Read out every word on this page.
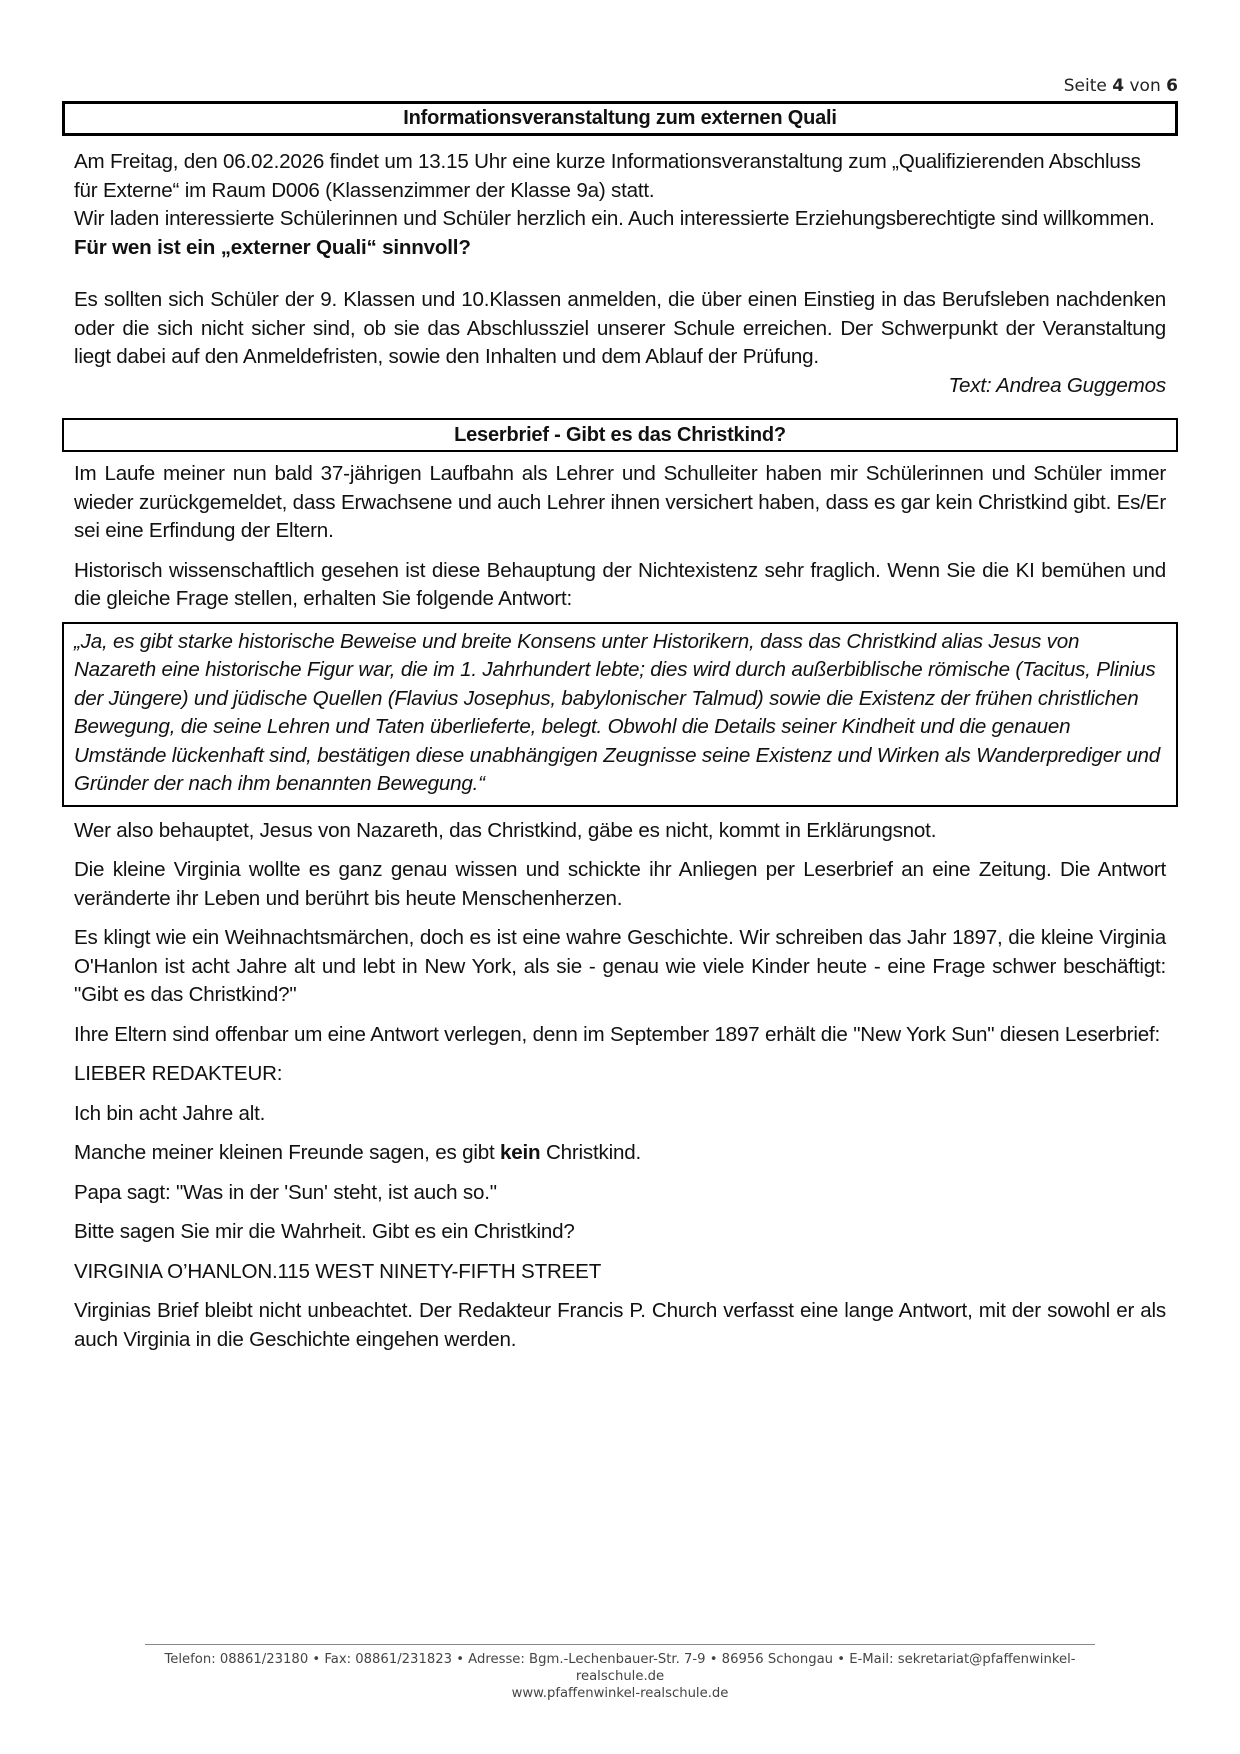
Seite 4 von 6
Informationsveranstaltung zum externen Quali

Am Freitag, den 06.02.2026 findet um 13.15 Uhr eine kurze Informationsveranstaltung zum „Qualifizierenden Abschluss für Externe“ im Raum D006 (Klassenzimmer der Klasse 9a) statt.

Wir laden interessierte Schülerinnen und Schüler herzlich ein. Auch interessierte Erziehungsberechtigte sind willkommen.

Für wen ist ein „externer Quali“ sinnvoll?

Es sollten sich Schüler der 9. Klassen und 10.Klassen anmelden, die über einen Einstieg in das Berufsleben nachdenken oder die sich nicht sicher sind, ob sie das Abschlussziel unserer Schule erreichen. Der Schwerpunkt der Veranstaltung liegt dabei auf den Anmeldefristen, sowie den Inhalten und dem Ablauf der Prüfung.

Text: Andrea Guggemos

Leserbrief - Gibt es das Christkind?

Im Laufe meiner nun bald 37-jährigen Laufbahn als Lehrer und Schulleiter haben mir Schülerinnen und Schüler immer wieder zurückgemeldet, dass Erwachsene und auch Lehrer ihnen versichert haben, dass es gar kein Christkind gibt. Es/Er sei eine Erfindung der Eltern.

Historisch wissenschaftlich gesehen ist diese Behauptung der Nichtexistenz sehr fraglich. Wenn Sie die KI bemühen und die gleiche Frage stellen, erhalten Sie folgende Antwort:

„Ja, es gibt starke historische Beweise und breite Konsens unter Historikern, dass das Christkind alias Jesus von Nazareth eine historische Figur war, die im 1. Jahrhundert lebte; dies wird durch außerbiblische römische (Tacitus, Plinius der Jüngere) und jüdische Quellen (Flavius Josephus, babylonischer Talmud) sowie die Existenz der frühen christlichen Bewegung, die seine Lehren und Taten überlieferte, belegt. Obwohl die Details seiner Kindheit und die genauen Umstände lückenhaft sind, bestätigen diese unabhängigen Zeugnisse seine Existenz und Wirken als Wanderprediger und Gründer der nach ihm benannten Bewegung.“

Wer also behauptet, Jesus von Nazareth, das Christkind, gäbe es nicht, kommt in Erklärungsnot.

Die kleine Virginia wollte es ganz genau wissen und schickte ihr Anliegen per Leserbrief an eine Zeitung. Die Antwort veränderte ihr Leben und berührt bis heute Menschenherzen.

Es klingt wie ein Weihnachtsmärchen, doch es ist eine wahre Geschichte. Wir schreiben das Jahr 1897, die kleine Virginia O'Hanlon ist acht Jahre alt und lebt in New York, als sie - genau wie viele Kinder heute - eine Frage schwer beschäftigt: "Gibt es das Christkind?"

Ihre Eltern sind offenbar um eine Antwort verlegen, denn im September 1897 erhält die "New York Sun" diesen Leserbrief:

LIEBER REDAKTEUR:

Ich bin acht Jahre alt.

Manche meiner kleinen Freunde sagen, es gibt kein Christkind.

Papa sagt: "Was in der 'Sun' steht, ist auch so."

Bitte sagen Sie mir die Wahrheit. Gibt es ein Christkind?

VIRGINIA O’HANLON.115 WEST NINETY-FIFTH STREET

Virginias Brief bleibt nicht unbeachtet. Der Redakteur Francis P. Church verfasst eine lange Antwort, mit der sowohl er als auch Virginia in die Geschichte eingehen werden.

Telefon: 08861/23180 • Fax: 08861/231823 • Adresse: Bgm.-Lechenbauer-Str. 7-9 • 86956 Schongau • E-Mail: sekretariat@pfaffenwinkel-realschule.de
www.pfaffenwinkel-realschule.de
